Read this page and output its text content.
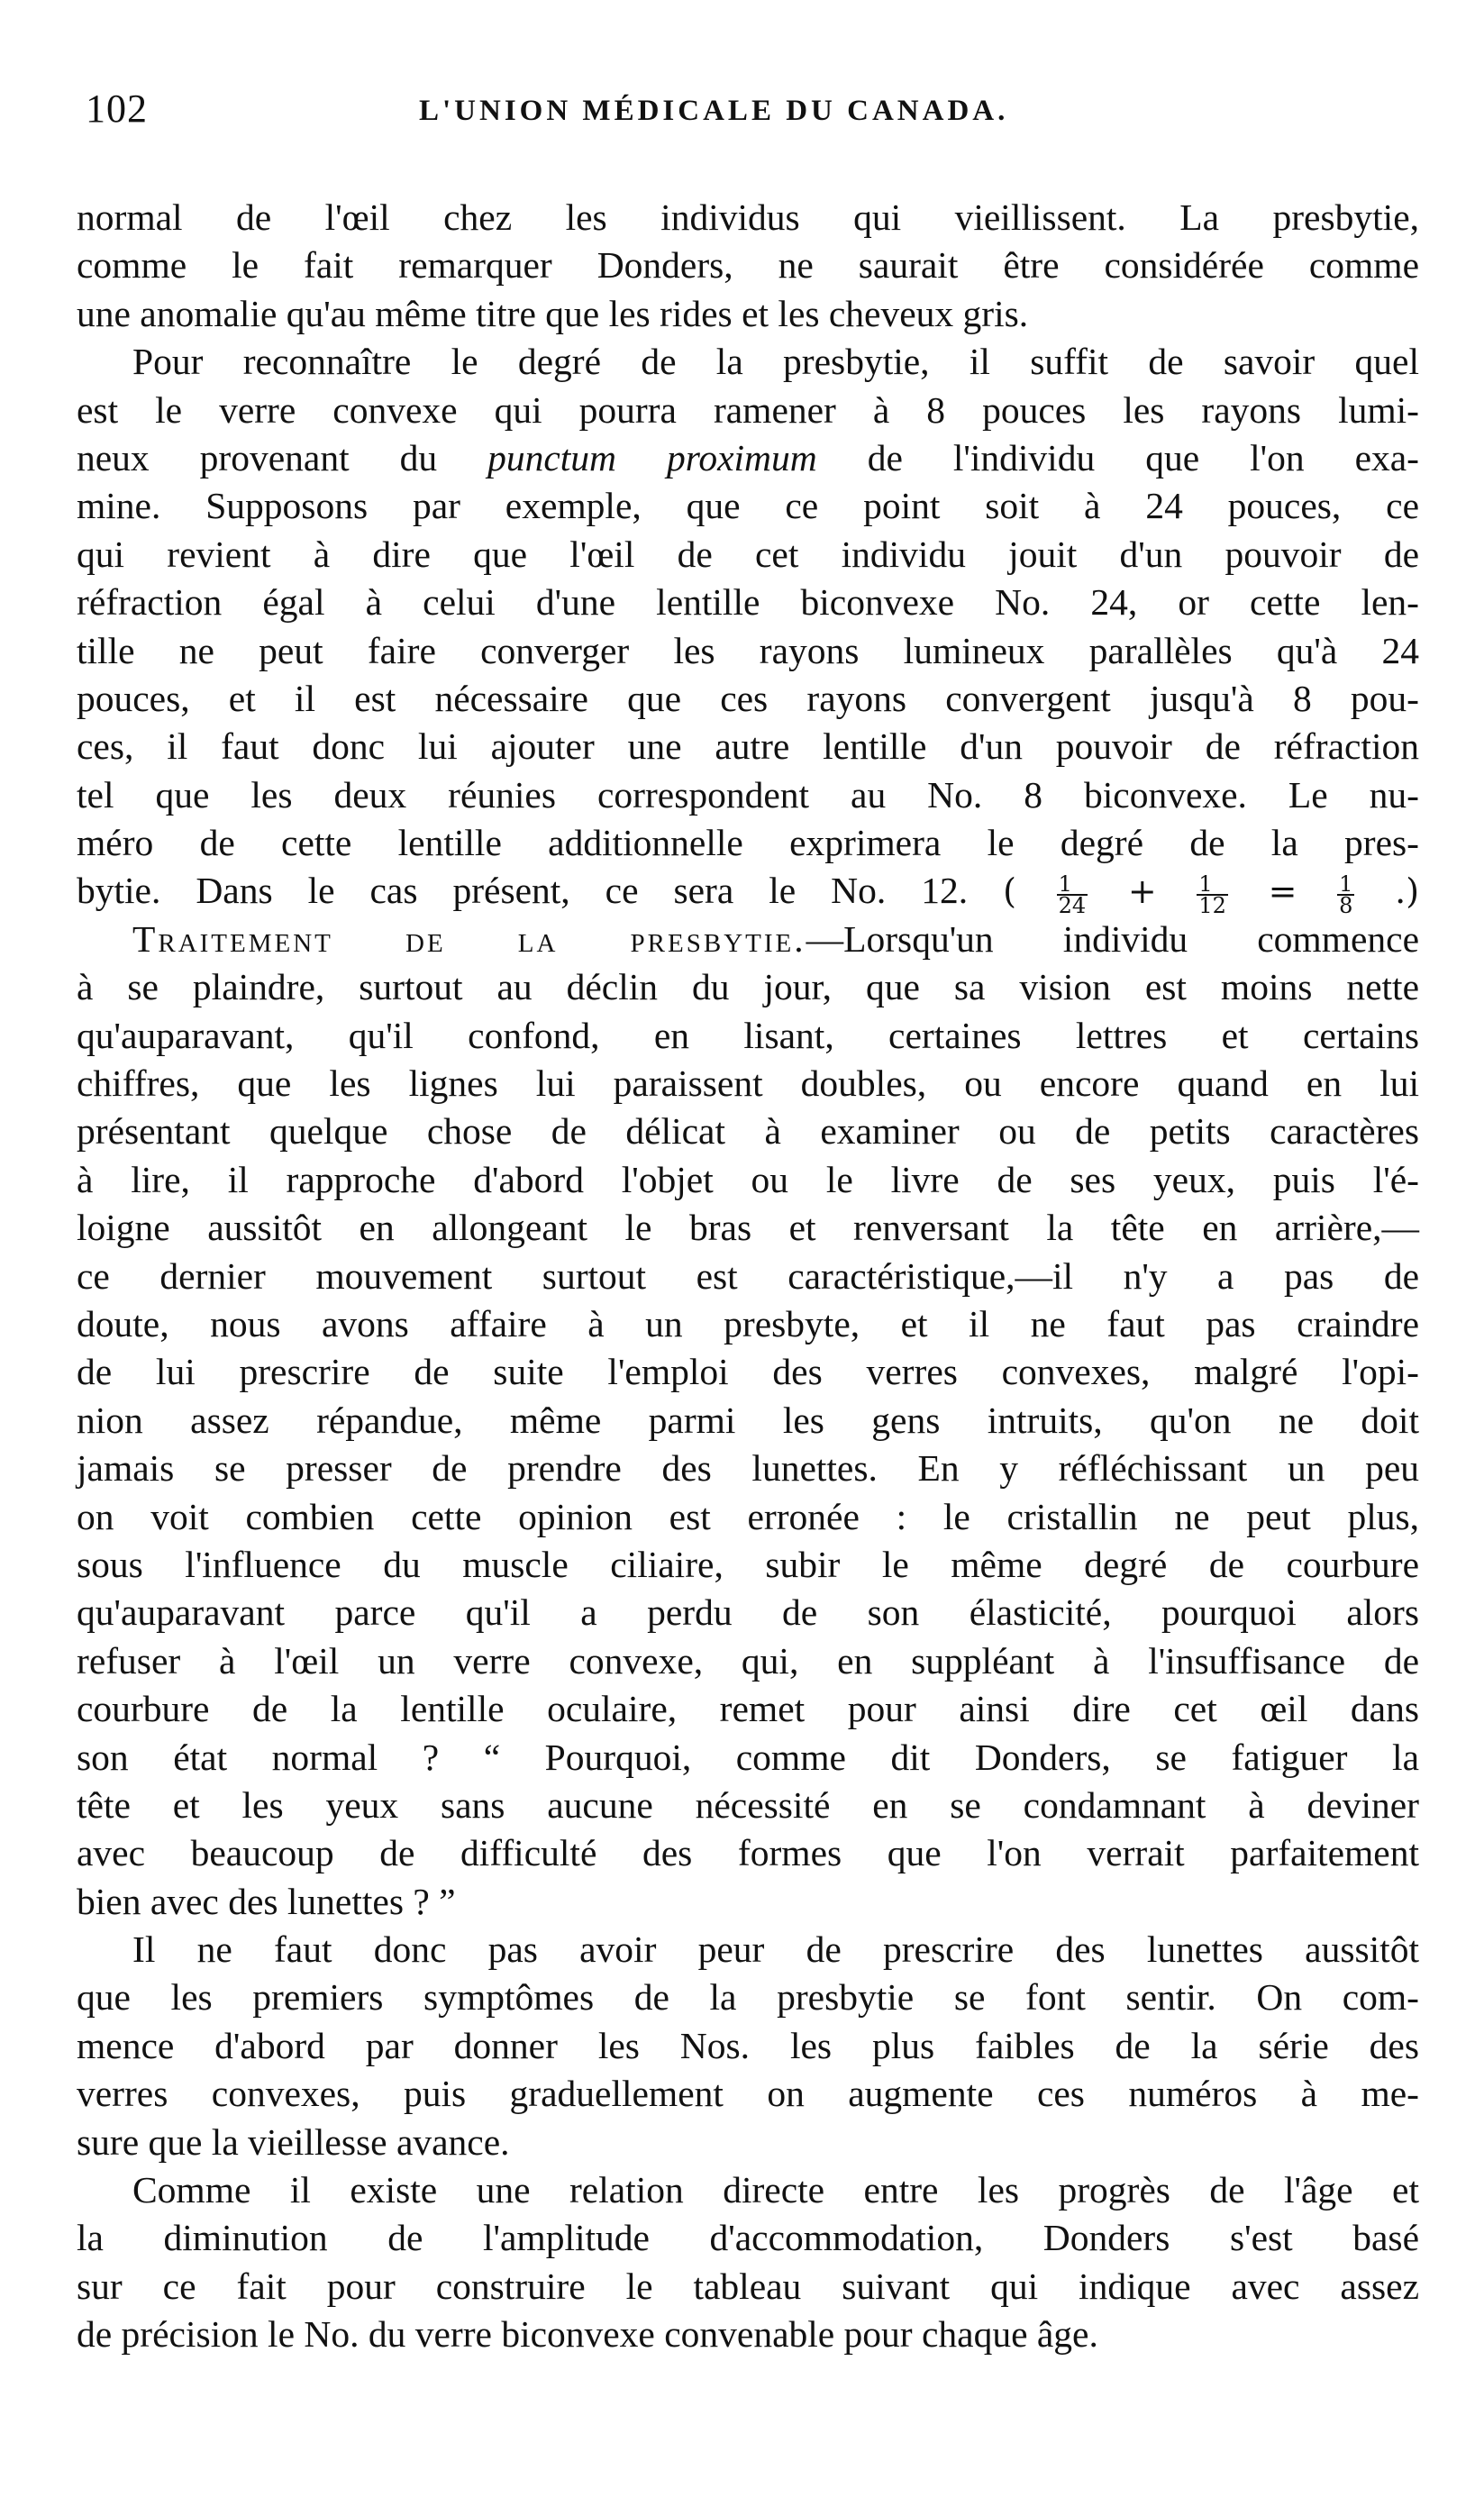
102	L'UNION MÉDICALE DU CANADA.
normal de l'œil chez les individus qui vieillissent. La presbytie,
comme le fait remarquer Donders, ne saurait être considérée comme
une anomalie qu'au même titre que les rides et les cheveux gris.
Pour reconnaître le degré de la presbytie, il suffit de savoir quel
est le verre convexe qui pourra ramener à 8 pouces les rayons lumi-
neux provenant du punctum proximum de l'individu que l'on exa-
mine. Supposons par exemple, que ce point soit à 24 pouces, ce
qui revient à dire que l'œil de cet individu jouit d'un pouvoir de
réfraction égal à celui d'une lentille biconvexe No. 24, or cette len-
tille ne peut faire converger les rayons lumineux parallèles qu'à 24
pouces, et il est nécessaire que ces rayons convergent jusqu'à 8 pou-
ces, il faut donc lui ajouter une autre lentille d'un pouvoir de réfraction
tel que les deux réunies correspondent au No. 8 biconvexe. Le nu-
méro de cette lentille additionnelle exprimera le degré de la pres-
bytie. Dans le cas présent, ce sera le No. 12. ( $\frac{1}{24} + \frac{1}{12} = \frac{1}{8}$ .)
Traitement de la presbytie.—Lorsqu'un individu commence
à se plaindre, surtout au déclin du jour, que sa vision est moins nette
qu'auparavant, qu'il confond, en lisant, certaines lettres et certains
chiffres, que les lignes lui paraissent doubles, ou encore quand en lui
présentant quelque chose de délicat à examiner ou de petits caractères
à lire, il rapproche d'abord l'objet ou le livre de ses yeux, puis l'é-
loigne aussitôt en allongeant le bras et renversant la tête en arrière,—
ce dernier mouvement surtout est caractéristique,—il n'y a pas de
doute, nous avons affaire à un presbyte, et il ne faut pas craindre
de lui prescrire de suite l'emploi des verres convexes, malgré l'opi-
nion assez répandue, même parmi les gens intruits, qu'on ne doit
jamais se presser de prendre des lunettes. En y réfléchissant un peu
on voit combien cette opinion est erronée : le cristallin ne peut plus,
sous l'influence du muscle ciliaire, subir le même degré de courbure
qu'auparavant parce qu'il a perdu de son élasticité, pourquoi alors
refuser à l'œil un verre convexe, qui, en suppléant à l'insuffisance de
courbure de la lentille oculaire, remet pour ainsi dire cet œil dans
son état normal ? “ Pourquoi, comme dit Donders, se fatiguer la
tête et les yeux sans aucune nécessité en se condamnant à deviner
avec beaucoup de difficulté des formes que l'on verrait parfaitement
bien avec des lunettes ? ”
Il ne faut donc pas avoir peur de prescrire des lunettes aussitôt
que les premiers symptômes de la presbytie se font sentir. On com-
mence d'abord par donner les Nos. les plus faibles de la série des
verres convexes, puis graduellement on augmente ces numéros à me-
sure que la vieillesse avance.
Comme il existe une relation directe entre les progrès de l'âge et
la diminution de l'amplitude d'accommodation, Donders s'est basé
sur ce fait pour construire le tableau suivant qui indique avec assez
de précision le No. du verre biconvexe convenable pour chaque âge.
